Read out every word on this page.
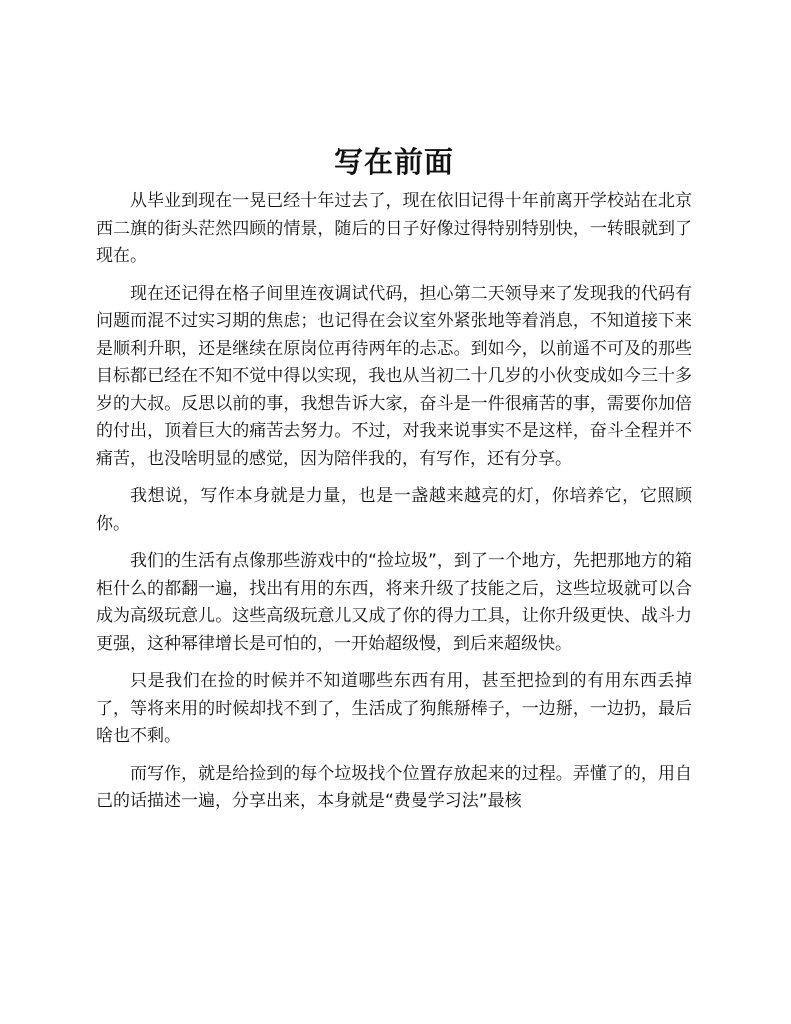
写在前面

从毕业到现在一晃已经十年过去了，现在依旧记得十年前离开学校站在北京西二旗的街头茫然四顾的情景，随后的日子好像过得特别特别快，一转眼就到了现在。

现在还记得在格子间里连夜调试代码，担心第二天领导来了发现我的代码有问题而混不过实习期的焦虑；也记得在会议室外紧张地等着消息，不知道接下来是顺利升职，还是继续在原岗位再待两年的忐忑。到如今，以前遥不可及的那些目标都已经在不知不觉中得以实现，我也从当初二十几岁的小伙变成如今三十多岁的大叔。反思以前的事，我想告诉大家，奋斗是一件很痛苦的事，需要你加倍的付出，顶着巨大的痛苦去努力。不过，对我来说事实不是这样，奋斗全程并不痛苦，也没啥明显的感觉，因为陪伴我的，有写作，还有分享。

我想说，写作本身就是力量，也是一盏越来越亮的灯，你培养它，它照顾你。

我们的生活有点像那些游戏中的“捡垃圾”，到了一个地方，先把那地方的箱柜什么的都翻一遍，找出有用的东西，将来升级了技能之后，这些垃圾就可以合成为高级玩意儿。这些高级玩意儿又成了你的得力工具，让你升级更快、战斗力更强，这种幂律增长是可怕的，一开始超级慢，到后来超级快。

只是我们在捡的时候并不知道哪些东西有用，甚至把捡到的有用东西丢掉了，等将来用的时候却找不到了，生活成了狗熊掰棒子，一边掰，一边扔，最后啥也不剩。

而写作，就是给捡到的每个垃圾找个位置存放起来的过程。弄懂了的，用自己的话描述一遍，分享出来，本身就是“费曼学习法”最核
